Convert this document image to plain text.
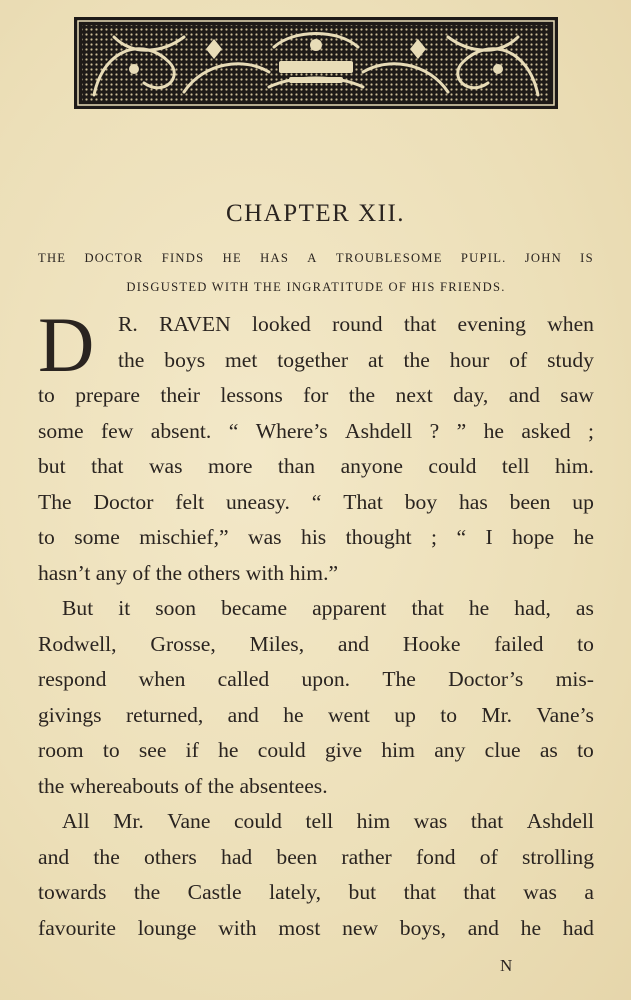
CHAPTER XII.
THE DOCTOR FINDS HE HAS A TROUBLESOME PUPIL. JOHN IS
DISGUSTED WITH THE INGRATITUDE OF HIS FRIENDS.
D R. RAVEN looked round that evening when
the boys met together at the hour of study
to prepare their lessons for the next day, and saw
some few absent. “ Where’s Ashdell ? ” he asked ;
but that was more than anyone could tell him.
The Doctor felt uneasy. “ That boy has been up
to some mischief,” was his thought ; “ I hope he
hasn’t any of the others with him.”
But it soon became apparent that he had, as
Rodwell, Grosse, Miles, and Hooke failed to
respond when called upon. The Doctor’s mis-
givings returned, and he went up to Mr. Vane’s
room to see if he could give him any clue as to
the whereabouts of the absentees.
All Mr. Vane could tell him was that Ashdell
and the others had been rather fond of strolling
towards the Castle lately, but that that was a
favourite lounge with most new boys, and he had
N
